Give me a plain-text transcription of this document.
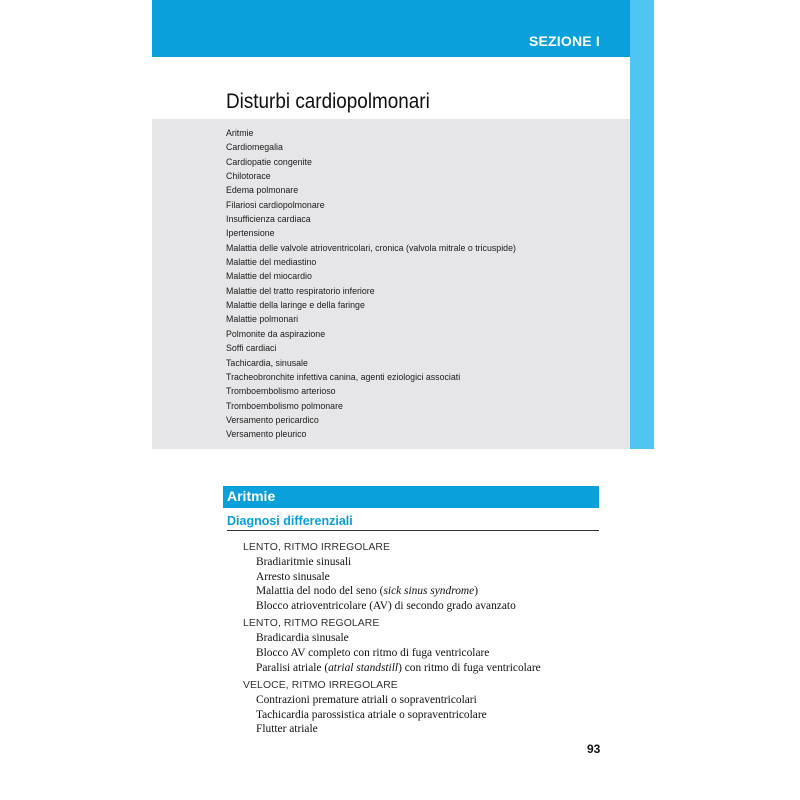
SEZIONE I
Disturbi cardiopolmonari
Aritmie
Cardiomegalia
Cardiopatie congenite
Chilotorace
Edema polmonare
Filariosi cardiopolmonare
Insufficienza cardiaca
Ipertensione
Malattia delle valvole atrioventricolari, cronica (valvola mitrale o tricuspide)
Malattie del mediastino
Malattie del miocardio
Malattie del tratto respiratorio inferiore
Malattie della laringe e della faringe
Malattie polmonari
Polmonite da aspirazione
Soffi cardiaci
Tachicardia, sinusale
Tracheobronchite infettiva canina, agenti eziologici associati
Tromboembolismo arterioso
Tromboembolismo polmonare
Versamento pericardico
Versamento pleurico
Aritmie
Diagnosi differenziali
LENTO, RITMO IRREGOLARE
Bradiaritmie sinusali
Arresto sinusale
Malattia del nodo del seno (sick sinus syndrome)
Blocco atrioventricolare (AV) di secondo grado avanzato
LENTO, RITMO REGOLARE
Bradicardia sinusale
Blocco AV completo con ritmo di fuga ventricolare
Paralisi atriale (atrial standstill) con ritmo di fuga ventricolare
VELOCE, RITMO IRREGOLARE
Contrazioni premature atriali o sopraventricolari
Tachicardia parossistica atriale o sopraventricolare
Flutter atriale
93
